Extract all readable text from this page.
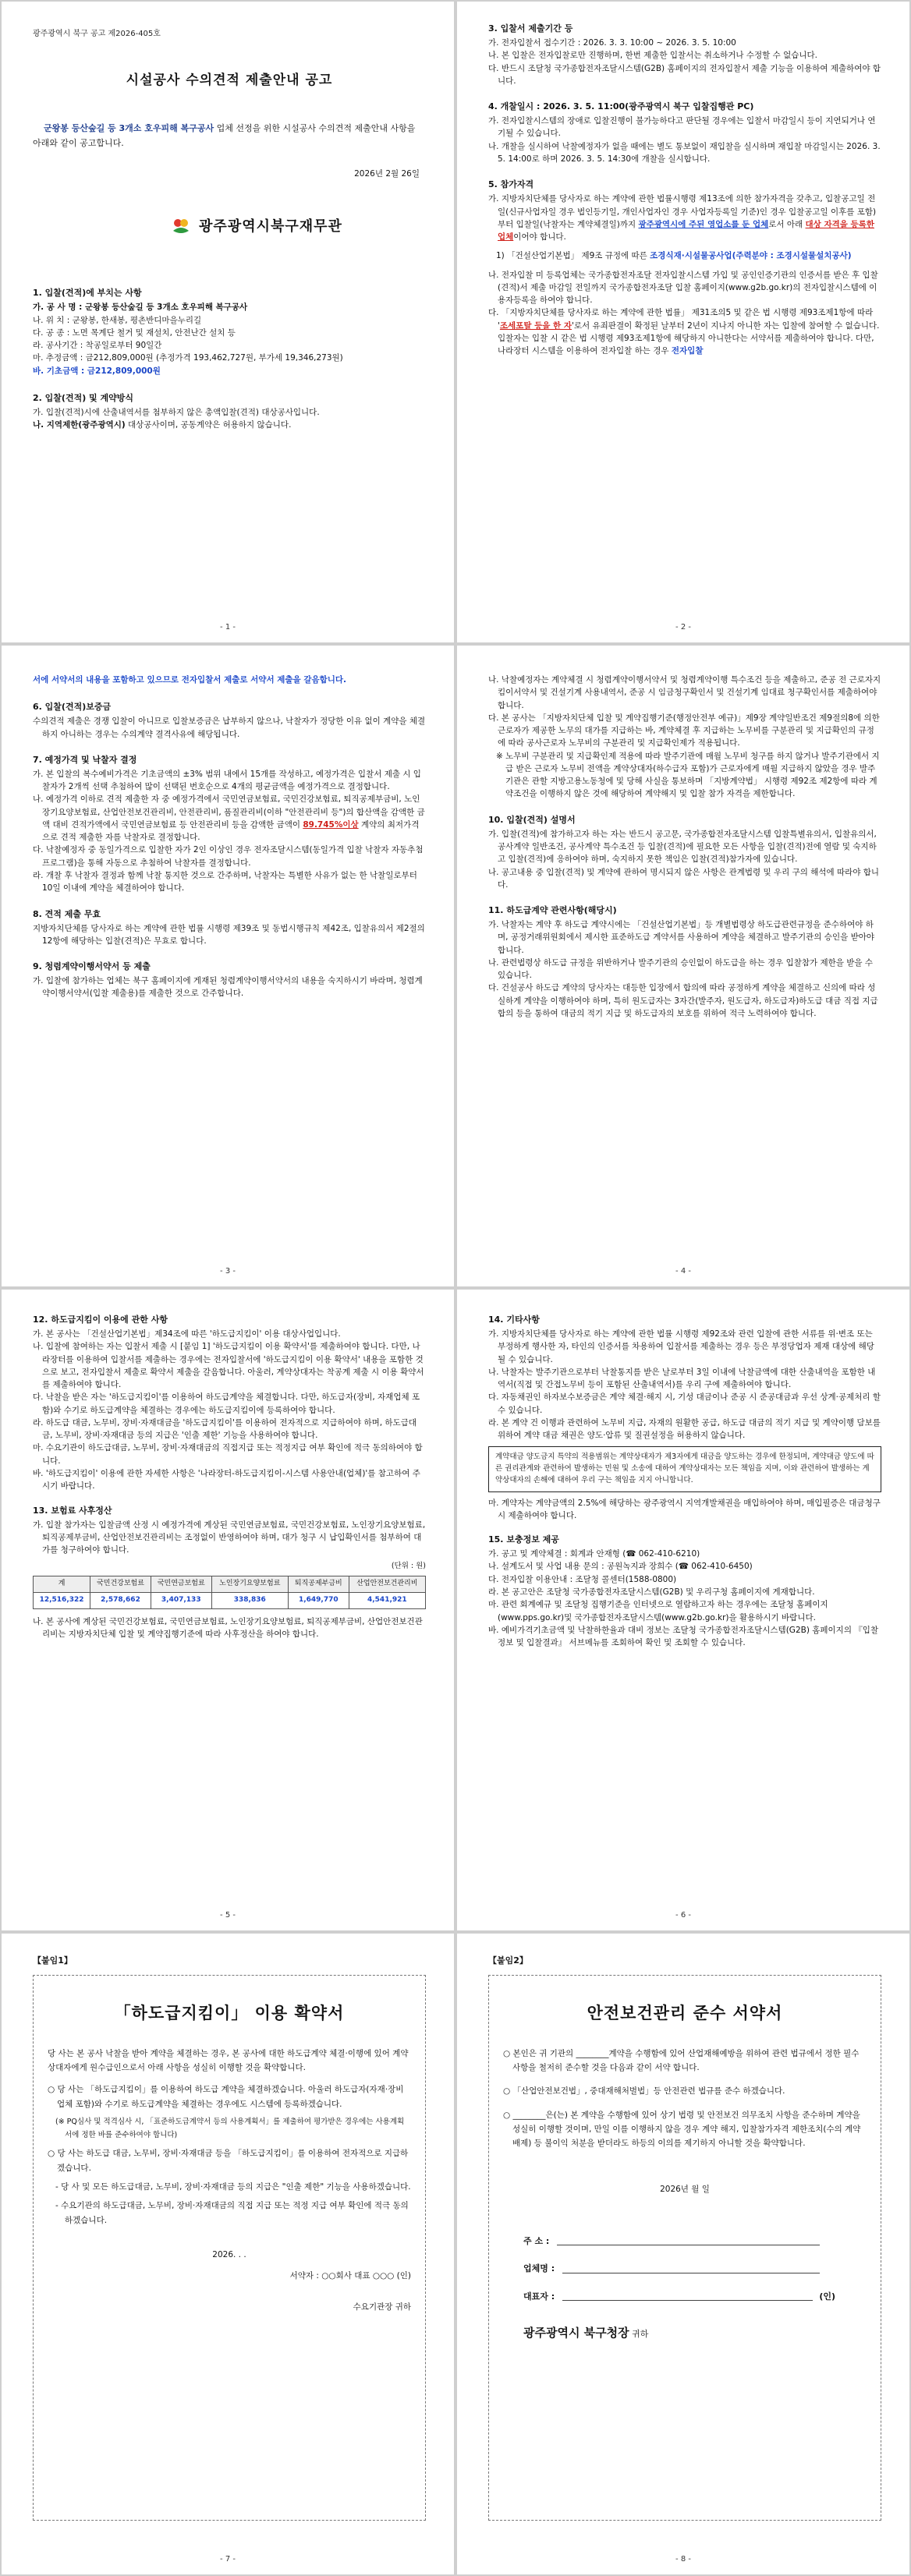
광주광역시 북구 공고 제2026-405호
시설공사 수의견적 제출안내 공고
군왕봉 등산숲길 등 3개소 호우피해 복구공사 업체 선정을 위한 시설공사 수의견적 제출안내 사항을 아래와 같이 공고합니다.
2026년 2월 26일
광주광역시북구재무관
1. 입찰(견적)에 부치는 사항
가. 공 사 명 : 군왕봉 등산숲길 등 3개소 호우피해 복구공사
나. 위 치 : 군왕봉, 한새봉, 평촌반디마을누리길
다. 공 종 : 노면 목계단 철거 및 재설치, 안전난간 설치 등
라. 공사기간 : 착공일로부터 90일간
마. 추정금액 : 금212,809,000원 (추정가격 193,462,727원, 부가세 19,346,273원)
바. 기초금액 : 금212,809,000원
2. 입찰(견적) 및 계약방식
가. 입찰(견적)시에 산출내역서를 첨부하지 않은 총액입찰(견적) 대상공사입니다.
나. 지역제한(광주광역시) 대상공사이며, 공동계약은 허용하지 않습니다.
- 1 -
3. 입찰서 제출기간 등
가. 전자입찰서 접수기간 : 2026. 3. 3. 10:00 ~ 2026. 3. 5. 10:00
나. 본 입찰은 전자입찰로만 진행하며, 한번 제출한 입찰서는 취소하거나 수정할 수 없습니다.
다. 반드시 조달청 국가종합전자조달시스템(G2B) 홈페이지의 전자입찰서 제출 기능을 이용하여 제출하여야 합니다.
4. 개찰일시 : 2026. 3. 5. 11:00(광주광역시 북구 입찰집행관 PC)
가. 전자입찰시스템의 장애로 입찰진행이 불가능하다고 판단될 경우에는 입찰서 마감일시 등이 지연되거나 연기될 수 있습니다.
나. 개찰을 실시하여 낙찰예정자가 없을 때에는 별도 통보없이 재입찰을 실시하며 재입찰 마감일시는 2026. 3. 5. 14:00로 하며 2026. 3. 5. 14:30에 개찰을 실시합니다.
5. 참가자격
가. 지방자치단체를 당사자로 하는 계약에 관한 법률시행령 제13조에 의한 참가자격을 갖추고, 입찰공고일 전일(신규사업자일 경우 법인등기일, 개인사업자인 경우 사업자등록일 기준)인 경우 입찰공고일 이후를 포함)부터 입찰일(낙찰자는 계약체결일)까지 광주광역시에 주된 영업소를 둔 업체로서 아래 대상 자격을 등록한 업체이어야 합니다.
1) 「건설산업기본법」 제9조 규정에 따른 조경식재·시설물공사업(주력분야 : 조경시설물설치공사)
나. 전자입찰 미 등록업체는 국가종합전자조달 전자입찰시스템 가입 및 공인인증기관의 인증서를 받은 후 입찰(견적)서 제출 마감일 전일까지 국가종합전자조달 입찰 홈페이지(www.g2b.go.kr)의 전자입찰시스템에 이용자등록을 하여야 합니다.
다. 「지방자치단체를 당사자로 하는 계약에 관한 법률」 제31조의5 및 같은 법 시행령 제93조제1항에 따라 '조세포탈 등을 한 자'로서 유죄판결이 확정된 날부터 2년이 지나지 아니한 자는 입찰에 참여할 수 없습니다. 입찰자는 입찰 시 같은 법 시행령 제93조제1항에 해당하지 아니한다는 서약서를 제출하여야 합니다. 다만, 나라장터 시스템을 이용하여 전자입찰 하는 경우 전자입찰
- 2 -
서에 서약서의 내용을 포함하고 있으므로 전자입찰서 제출로 서약서 제출을 갈음합니다.
6. 입찰(견적)보증금
수의견적 제출은 경쟁 입찰이 아니므로 입찰보증금은 납부하지 않으나, 낙찰자가 정당한 이유 없이 계약을 체결하지 아니하는 경우는 수의계약 결격사유에 해당됩니다.
7. 예정가격 및 낙찰자 결정
가. 본 입찰의 복수예비가격은 기초금액의 ±3% 범위 내에서 15개를 작성하고, 예정가격은 입찰서 제출 시 입찰자가 2개씩 선택 추첨하여 많이 선택된 번호순으로 4개의 평균금액을 예정가격으로 결정합니다.
나. 예정가격 이하로 견적 제출한 자 중 예정가격에서 국민연금보험료, 국민건강보험료, 퇴직공제부금비, 노인장기요양보험료, 산업안전보건관리비, 안전관리비, 품질관리비(이하 "안전관리비 등")의 합산액을 감액한 금액 대비 견적가액에서 국민연금보험료 등 안전관리비 등을 감액한 금액이 89.745%이상 계약의 최저가격으로 견적 제출한 자를 낙찰자로 결정합니다.
다. 낙찰예정자 중 동일가격으로 입찰한 자가 2인 이상인 경우 전자조달시스템(동일가격 입찰 낙찰자 자동추첨프로그램)을 통해 자동으로 추첨하여 낙찰자를 결정합니다.
라. 개찰 후 낙찰자 결정과 함께 낙찰 통지한 것으로 간주하며, 낙찰자는 특별한 사유가 없는 한 낙찰일로부터 10일 이내에 계약을 체결하여야 합니다.
8. 견적 제출 무효
지방자치단체를 당사자로 하는 계약에 관한 법률 시행령 제39조 및 동법시행규칙 제42조, 입찰유의서 제2절의 12항에 해당하는 입찰(견적)은 무효로 합니다.
9. 청렴계약이행서약서 등 제출
가. 입찰에 참가하는 업체는 북구 홈페이지에 게재된 청렴계약이행서약서의 내용을 숙지하시기 바라며, 청렴계약이행서약서(입찰 제출용)를 제출한 것으로 간주합니다.
- 3 -
나. 낙찰예정자는 계약체결 시 청렴계약이행서약서 및 청렴계약이행 특수조건 등을 제출하고, 준공 전 근로자지킴이서약서 및 건설기계 사용내역서, 준공 시 임금청구확인서 및 건설기계 임대료 청구확인서를 제출하여야 합니다.
다. 본 공사는 「지방자치단체 입찰 및 계약집행기준(행정안전부 예규)」제9장 계약일반조건 제9절의8에 의한 근로자가 제공한 노무의 대가를 지급하는 바, 계약체결 후 지급하는 노무비를 구분관리 및 지급확인의 규정에 따라 공사근로자 노무비의 구분관리 및 지급확인제가 적용됩니다.
※ 노무비 구분관리 및 지급확인제 적용에 따라 발주기관에 매월 노무비 청구를 하지 않거나 발주기관에서 지급 받은 근로자 노무비 전액을 계약상대자(하수급자 포함)가 근로자에게 매월 지급하지 않았을 경우 발주기관은 관할 지방고용노동청에 및 당해 사실을 통보하며 「지방계약법」 시행령 제92조 제2항에 따라 계약조건을 이행하지 않은 것에 해당하여 계약해지 및 입찰 참가 자격을 제한합니다.
10. 입찰(견적) 설명서
가. 입찰(견적)에 참가하고자 하는 자는 반드시 공고문, 국가종합전자조달시스템 입찰특별유의서, 입찰유의서, 공사계약 일반조건, 공사계약 특수조건 등 입찰(견적)에 필요한 모든 사항을 입찰(견적)전에 열람 및 숙지하고 입찰(견적)에 응하여야 하며, 숙지하지 못한 책임은 입찰(견적)참가자에 있습니다.
나. 공고내용 중 입찰(견적) 및 계약에 관하여 명시되지 않은 사항은 관계법령 및 우리 구의 해석에 따라야 합니다.
11. 하도급계약 관련사항(해당시)
가. 낙찰자는 계약 후 하도급 계약시에는 「건설산업기본법」등 개별법령상 하도급관련규정을 준수하여야 하며, 공정거래위원회에서 제시한 표준하도급 계약서를 사용하여 계약을 체결하고 발주기관의 승인을 받아야 합니다.
나. 관련법령상 하도급 규정을 위반하거나 발주기관의 승인없이 하도급을 하는 경우 입찰참가 제한을 받을 수 있습니다.
다. 건설공사 하도급 계약의 당사자는 대등한 입장에서 합의에 따라 공정하게 계약을 체결하고 신의에 따라 성실하게 계약을 이행하여야 하며, 특히 원도급자는 3자간(발주자, 원도급자, 하도급자)하도급 대금 직접 지급합의 등을 통하여 대금의 적기 지급 및 하도급자의 보호를 위하여 적극 노력하여야 합니다.
- 4 -
12. 하도급지킴이 이용에 관한 사항
가. 본 공사는 「건설산업기본법」제34조에 따른 '하도급지킴이' 이용 대상사업입니다.
나. 입찰에 참여하는 자는 입찰서 제출 시 [붙임 1] '하도급지킴이 이용 확약서'를 제출하여야 합니다. 다만, 나라장터를 이용하여 입찰서를 제출하는 경우에는 전자입찰서에 '하도급지킴이 이용 확약서' 내용을 포함한 것으로 보고, 전자입찰서 제출로 확약서 제출을 갈음합니다. 아울러, 계약상대자는 착공계 제출 시 이용 확약서를 제출하여야 합니다.
다. 낙찰을 받은 자는 '하도급지킴이'를 이용하여 하도급계약을 체결합니다. 다만, 하도급자(장비, 자재업체 포함)와 수기로 하도급계약을 체결하는 경우에는 하도급지킴이에 등록하여야 합니다.
라. 하도급 대금, 노무비, 장비·자재대금을 '하도급지킴이'를 이용하여 전자적으로 지급하여야 하며, 하도급대금, 노무비, 장비·자재대금 등의 지급은 '인출 제한' 기능을 사용하여야 합니다.
마. 수요기관이 하도급대금, 노무비, 장비·자재대금의 직접지급 또는 적정지급 여부 확인에 적극 동의하여야 합니다.
바. '하도급지킴이' 이용에 관한 자세한 사항은 '나라장터-하도급지킴이-시스템 사용안내(업체)'를 참고하여 주시기 바랍니다.
13. 보험료 사후정산
가. 입찰 참가자는 입찰금액 산정 시 예정가격에 계상된 국민연금보험료, 국민건강보험료, 노인장기요양보험료, 퇴직공제부금비, 산업안전보건관리비는 조정없이 반영하여야 하며, 대가 청구 시 납입확인서를 첨부하여 대가를 청구하여야 합니다.
(단위 : 원)
계	국민건강보험료	국민연금보험료	노인장기요양보험료	퇴직공제부금비	산업안전보건관리비
12,516,322	2,578,662	3,407,133	338,836	1,649,770	4,541,921
나. 본 공사에 계상된 국민건강보험료, 국민연금보험료, 노인장기요양보험료, 퇴직공제부금비, 산업안전보건관리비는 지방자치단체 입찰 및 계약집행기준에 따라 사후정산을 하여야 합니다.
- 5 -
14. 기타사항
가. 지방자치단체를 당사자로 하는 계약에 관한 법률 시행령 제92조와 관련 입찰에 관한 서류를 위·변조 또는 부정하게 행사한 자, 타인의 인증서를 차용하여 입찰서를 제출하는 경우 등은 부정당업자 제재 대상에 해당될 수 있습니다.
나. 낙찰자는 발주기관으로부터 낙찰통지를 받은 날로부터 3일 이내에 낙찰금액에 대한 산출내역을 포함한 내역서(직접 및 간접노무비 등이 포함된 산출내역서)를 우리 구에 제출하여야 합니다.
다. 자동채권인 하자보수보증금은 계약 체결·해지 시, 기성 대금이나 준공 시 준공대금과 우선 상계·공제처리 할 수 있습니다.
라. 본 계약 건 이행과 관련하여 노무비 지급, 자재의 원활한 공급, 하도급 대금의 적기 지급 및 계약이행 담보를 위하여 계약 대금 채권은 양도·압류 및 질권설정을 허용하지 않습니다.
계약대금 양도금지 특약의 적용범위는 계약상대자가 제3자에게 대금을 양도하는 경우에 한정되며, 계약대금 양도에 따른 권리관계와 관련하여 발생하는 민원 및 소송에 대하여 계약상대자는 모든 책임을 지며, 이와 관련하여 발생하는 계약상대자의 손해에 대하여 우리 구는 책임을 지지 아니합니다.
마. 계약자는 계약금액의 2.5%에 해당하는 광주광역시 지역개발채권을 매입하여야 하며, 매입필증은 대금청구 시 제출하여야 합니다.
15. 보충정보 제공
가. 공고 및 계약체결 : 회계과 안재형 (☎ 062-410-6210)
나. 설계도서 및 사업 내용 문의 : 공원녹지과 장희수 (☎ 062-410-6450)
다. 전자입찰 이용안내 : 조달청 콜센터(1588-0800)
라. 본 공고안은 조달청 국가종합전자조달시스템(G2B) 및 우리구청 홈페이지에 게재합니다.
마. 관련 회계예규 및 조달청 집행기준을 인터넷으로 열람하고자 하는 경우에는 조달청 홈페이지(www.pps.go.kr)및 국가종합전자조달시스템(www.g2b.go.kr)을 활용하시기 바랍니다.
바. 예비가격기초금액 및 낙찰하한율과 대비 정보는 조달청 국가종합전자조달시스템(G2B) 홈페이지의 『입찰정보 및 입찰결과』 서브메뉴를 조회하여 확인 및 조회할 수 있습니다.
- 6 -
【붙임1】
「하도급지킴이」 이용 확약서

당 사는 본 공사 낙찰을 받아 계약을 체결하는 경우, 본 공사에 대한 하도급계약 체결·이행에 있어 계약상대자에게 원수급인으로서 아래 사항을 성실히 이행할 것을 확약합니다.

○ 당 사는 「하도급지킴이」를 이용하여 하도급 계약을 체결하겠습니다. 아울러 하도급자(자재·장비업체 포함)와 수기로 하도급계약을 체결하는 경우에도 시스템에 등록하겠습니다.

(※ PQ심사 및 적격심사 시, 「표준하도급계약서 등의 사용계획서」를 제출하여 평가받은 경우에는 사용계획서에 정한 바를 준수하여야 합니다)

○ 당 사는 하도급 대금, 노무비, 장비·자재대금 등을 「하도급지킴이」를 이용하여 전자적으로 지급하겠습니다.

- 당 사 및 모든 하도급대금, 노무비, 장비·자재대금 등의 지급은 "인출 제한" 기능을 사용하겠습니다.

- 수요기관의 하도급대금, 노무비, 장비·자재대금의 직접 지급 또는 적정 지급 여부 확인에 적극 동의하겠습니다.

2026. . .
서약자 : ○○회사 대표 ○○○ (인)
수요기관장 귀하
- 7 -
【붙임2】
안전보건관리 준수 서약서

○ 본인은 귀 기관의 ________계약을 수행함에 있어 산업재해예방을 위하여 관련 법규에서 정한 필수사항을 철저히 준수할 것을 다음과 같이 서약 합니다.

○ 「산업안전보건법」, 중대재해처벌법」등 안전관련 법규를 준수 하겠습니다.

○ ________은(는) 본 계약을 수행함에 있어 상기 법령 및 안전보건 의무조치 사항을 준수하며 계약을 성실히 이행할 것이며, 만일 이를 이행하지 않을 경우 계약 해지, 입찰참가자격 제한조치(수의 계약 배제) 등 불이익 처분을 받더라도 하등의 이의를 제기하지 아니할 것을 확약합니다.

2026년 월 일
주 소 :
업체명 :
대표자 :	(인)
광주광역시 북구청장 귀하
- 8 -
